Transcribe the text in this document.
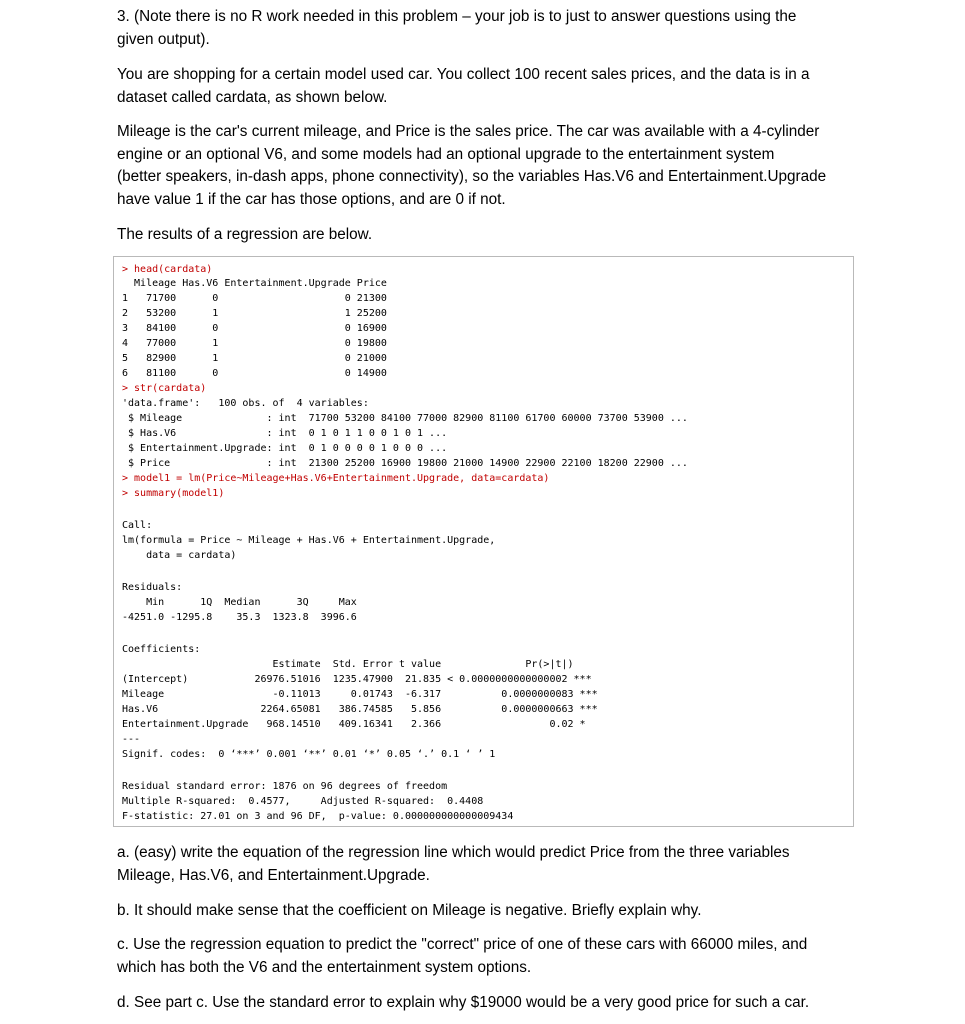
3. (Note there is no R work needed in this problem – your job is to just to answer questions using the
given output).
You are shopping for a certain model used car. You collect 100 recent sales prices, and the data is in a
dataset called cardata, as shown below.
Mileage is the car's current mileage, and Price is the sales price. The car was available with a 4-cylinder
engine or an optional V6, and some models had an optional upgrade to the entertainment system
(better speakers, in-dash apps, phone connectivity), so the variables Has.V6 and Entertainment.Upgrade
have value 1 if the car has those options, and are 0 if not.
The results of a regression are below.
> head(cardata)
Mileage Has.V6 Entertainment.Upgrade Price
1   71700      0                     0 21300
2   53200      1                     1 25200
3   84100      0                     0 16900
4   77000      1                     0 19800
5   82900      1                     0 21000
6   81100      0                     0 14900
> str(cardata)
'data.frame':   100 obs. of  4 variables:
$ Mileage              : int  71700 53200 84100 77000 82900 81100 61700 60000 73700 53900 ...
$ Has.V6               : int  0 1 0 1 1 0 0 1 0 1 ...
$ Entertainment.Upgrade: int  0 1 0 0 0 0 1 0 0 0 ...
$ Price                : int  21300 25200 16900 19800 21000 14900 22900 22100 18200 22900 ...
> model1 = lm(Price~Mileage+Has.V6+Entertainment.Upgrade, data=cardata)
> summary(model1)
Call:
lm(formula = Price ~ Mileage + Has.V6 + Entertainment.Upgrade,
data = cardata)
Residuals:
Min      1Q  Median      3Q     Max
-4251.0 -1295.8    35.3  1323.8  3996.6
Coefficients:
Estimate  Std. Error t value              Pr(>|t|)
(Intercept)           26976.51016  1235.47900  21.835 < 0.0000000000000002 ***
Mileage                  -0.11013     0.01743  -6.317          0.0000000083 ***
Has.V6                 2264.65081   386.74585   5.856          0.0000000663 ***
Entertainment.Upgrade   968.14510   409.16341   2.366                  0.02 *
---
Signif. codes:  0 ‘***’ 0.001 ‘**’ 0.01 ‘*’ 0.05 ‘.’ 0.1 ‘ ’ 1
Residual standard error: 1876 on 96 degrees of freedom
Multiple R-squared:  0.4577,     Adjusted R-squared:  0.4408
F-statistic: 27.01 on 3 and 96 DF,  p-value: 0.000000000000009434
a. (easy) write the equation of the regression line which would predict Price from the three variables
Mileage, Has.V6, and Entertainment.Upgrade.
b. It should make sense that the coefficient on Mileage is negative. Briefly explain why.
c. Use the regression equation to predict the "correct" price of one of these cars with 66000 miles, and
which has both the V6 and the entertainment system options.
d. See part c. Use the standard error to explain why $19000 would be a very good price for such a car.
